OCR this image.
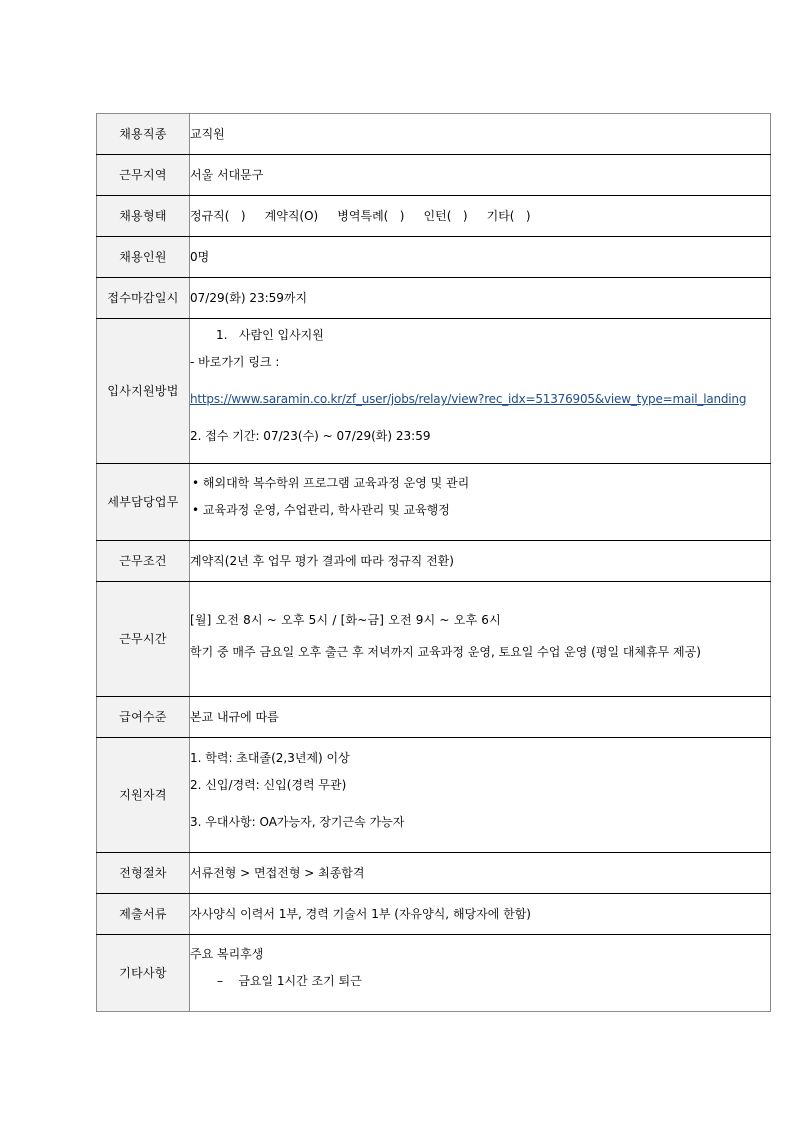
채용직종	교직원

근무지역	서울 서대문구

채용형태	정규직(   )     계약직(O)     병역특례(   )     인턴(   )     기타(   )

채용인원	0명

접수마감일시	07/29(화) 23:59까지

입사지원방법	1.   사람인 입사지원
- 바로가기 링크 :
https://www.saramin.co.kr/zf_user/jobs/relay/view?rec_idx=51376905&view_type=mail_landing
2. 접수 기간: 07/23(수) ~ 07/29(화) 23:59

세부담당업무	• 해외대학 복수학위 프로그램 교육과정 운영 및 관리
• 교육과정 운영, 수업관리, 학사관리 및 교육행정

근무조건	계약직(2년 후 업무 평가 결과에 따라 정규직 전환)

근무시간	[월] 오전 8시 ~ 오후 5시 / [화~금] 오전 9시 ~ 오후 6시
학기 중 매주 금요일 오후 출근 후 저녁까지 교육과정 운영, 토요일 수업 운영 (평일 대체휴무 제공)

급여수준	본교 내규에 따름

지원자격	1. 학력: 초대졸(2,3년제) 이상
2. 신입/경력: 신입(경력 무관)
3. 우대사항: OA가능자, 장기근속 가능자

전형절차	서류전형 > 면접전형 > 최종합격

제출서류	자사양식 이력서 1부, 경력 기술서 1부 (자유양식, 해당자에 한함)

기타사항	주요 복리후생
–    금요일 1시간 조기 퇴근
